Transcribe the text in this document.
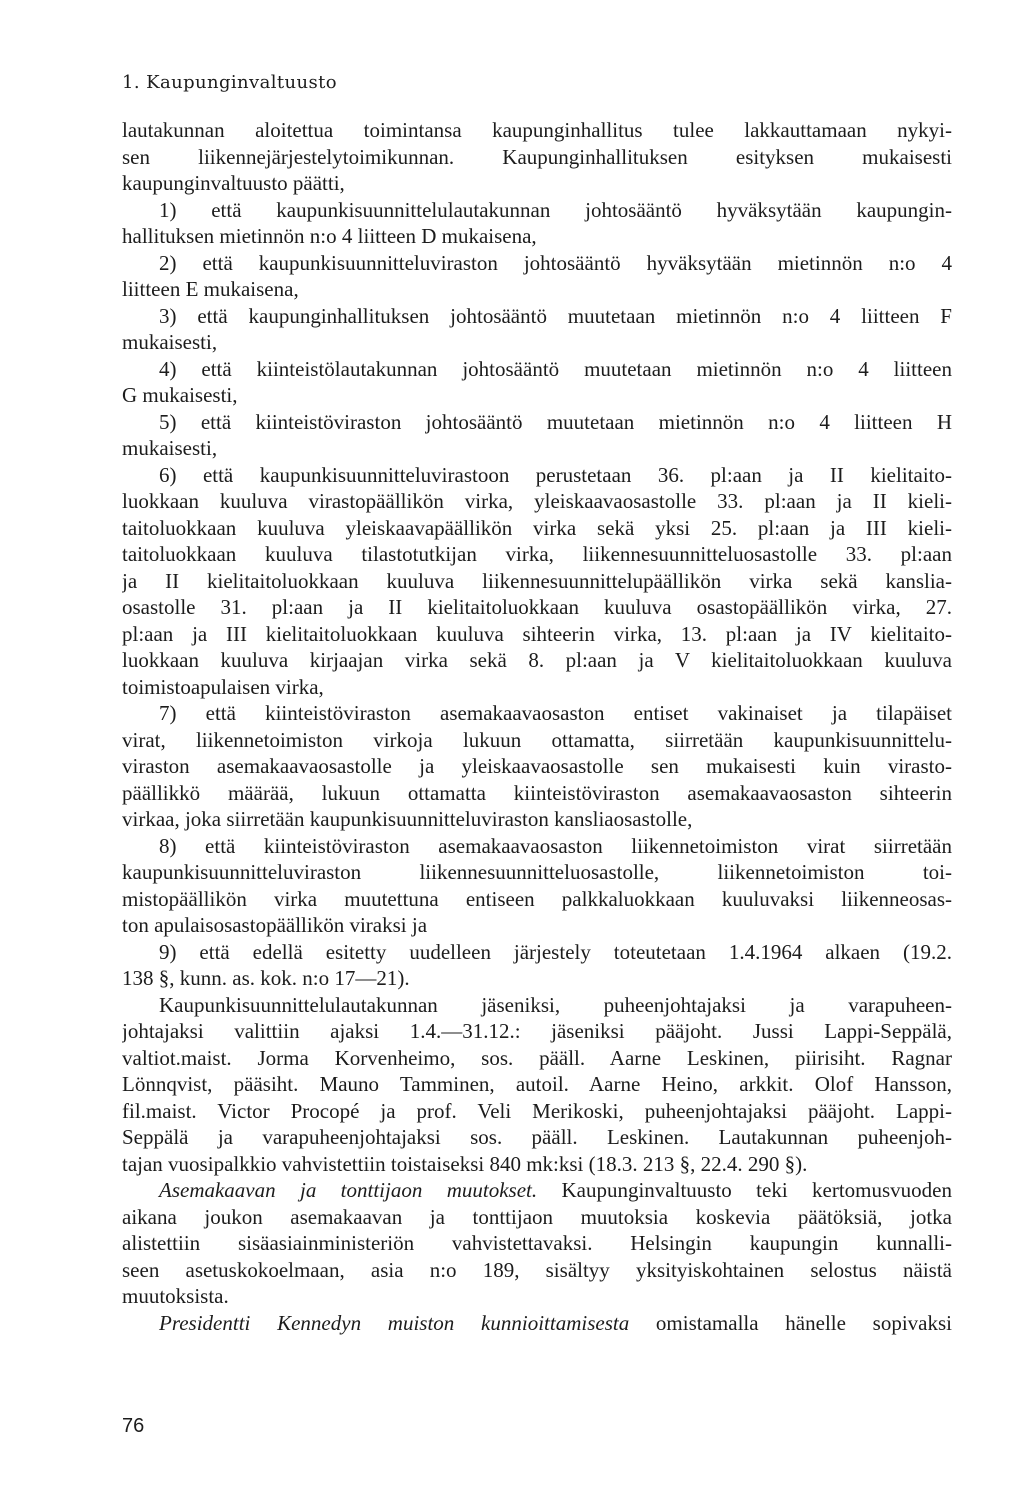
1. Kaupunginvaltuusto
lautakunnan aloitettua toimintansa kaupunginhallitus tulee lakkauttamaan nykyi-
sen liikennejärjestelytoimikunnan. Kaupunginhallituksen esityksen mukaisesti
kaupunginvaltuusto päätti,
1) että kaupunkisuunnittelulautakunnan johtosääntö hyväksytään kaupungin-
hallituksen mietinnön n:o 4 liitteen D mukaisena,
2) että kaupunkisuunnitteluviraston johtosääntö hyväksytään mietinnön n:o 4
liitteen E mukaisena,
3) että kaupunginhallituksen johtosääntö muutetaan mietinnön n:o 4 liitteen F
mukaisesti,
4) että kiinteistölautakunnan johtosääntö muutetaan mietinnön n:o 4 liitteen
G mukaisesti,
5) että kiinteistöviraston johtosääntö muutetaan mietinnön n:o 4 liitteen H
mukaisesti,
6) että kaupunkisuunnitteluvirastoon perustetaan 36. pl:aan ja II kielitaito-
luokkaan kuuluva virastopäällikön virka, yleiskaavaosastolle 33. pl:aan ja II kieli-
taitoluokkaan kuuluva yleiskaavapäällikön virka sekä yksi 25. pl:aan ja III kieli-
taitoluokkaan kuuluva tilastotutkijan virka, liikennesuunnitteluosastolle 33. pl:aan
ja II kielitaitoluokkaan kuuluva liikennesuunnittelupäällikön virka sekä kanslia-
osastolle 31. pl:aan ja II kielitaitoluokkaan kuuluva osastopäällikön virka, 27.
pl:aan ja III kielitaitoluokkaan kuuluva sihteerin virka, 13. pl:aan ja IV kielitaito-
luokkaan kuuluva kirjaajan virka sekä 8. pl:aan ja V kielitaitoluokkaan kuuluva
toimistoapulaisen virka,
7) että kiinteistöviraston asemakaavaosaston entiset vakinaiset ja tilapäiset
virat, liikennetoimiston virkoja lukuun ottamatta, siirretään kaupunkisuunnittelu-
viraston asemakaavaosastolle ja yleiskaavaosastolle sen mukaisesti kuin virasto-
päällikkö määrää, lukuun ottamatta kiinteistöviraston asemakaavaosaston sihteerin
virkaa, joka siirretään kaupunkisuunnitteluviraston kansliaosastolle,
8) että kiinteistöviraston asemakaavaosaston liikennetoimiston virat siirretään
kaupunkisuunnitteluviraston liikennesuunnitteluosastolle, liikennetoimiston toi-
mistopäällikön virka muutettuna entiseen palkkaluokkaan kuuluvaksi liikenneosas-
ton apulaisosastopäällikön viraksi ja
9) että edellä esitetty uudelleen järjestely toteutetaan 1.4.1964 alkaen (19.2.
138 §, kunn. as. kok. n:o 17—21).
Kaupunkisuunnittelulautakunnan jäseniksi, puheenjohtajaksi ja varapuheen-
johtajaksi valittiin ajaksi 1.4.—31.12.: jäseniksi pääjoht. Jussi Lappi-Seppälä,
valtiot.maist. Jorma Korvenheimo, sos. pääll. Aarne Leskinen, piirisiht. Ragnar
Lönnqvist, pääsiht. Mauno Tamminen, autoil. Aarne Heino, arkkit. Olof Hansson,
fil.maist. Victor Procopé ja prof. Veli Merikoski, puheenjohtajaksi pääjoht. Lappi-
Seppälä ja varapuheenjohtajaksi sos. pääll. Leskinen. Lautakunnan puheenjoh-
tajan vuosipalkkio vahvistettiin toistaiseksi 840 mk:ksi (18.3. 213 §, 22.4. 290 §).
Asemakaavan ja tonttijaon muutokset. Kaupunginvaltuusto teki kertomusvuoden
aikana joukon asemakaavan ja tonttijaon muutoksia koskevia päätöksiä, jotka
alistettiin sisäasiainministeriön vahvistettavaksi. Helsingin kaupungin kunnalli-
seen asetuskokoelmaan, asia n:o 189, sisältyy yksityiskohtainen selostus näistä
muutoksista.
Presidentti Kennedyn muiston kunnioittamisesta omistamalla hänelle sopivaksi
76
